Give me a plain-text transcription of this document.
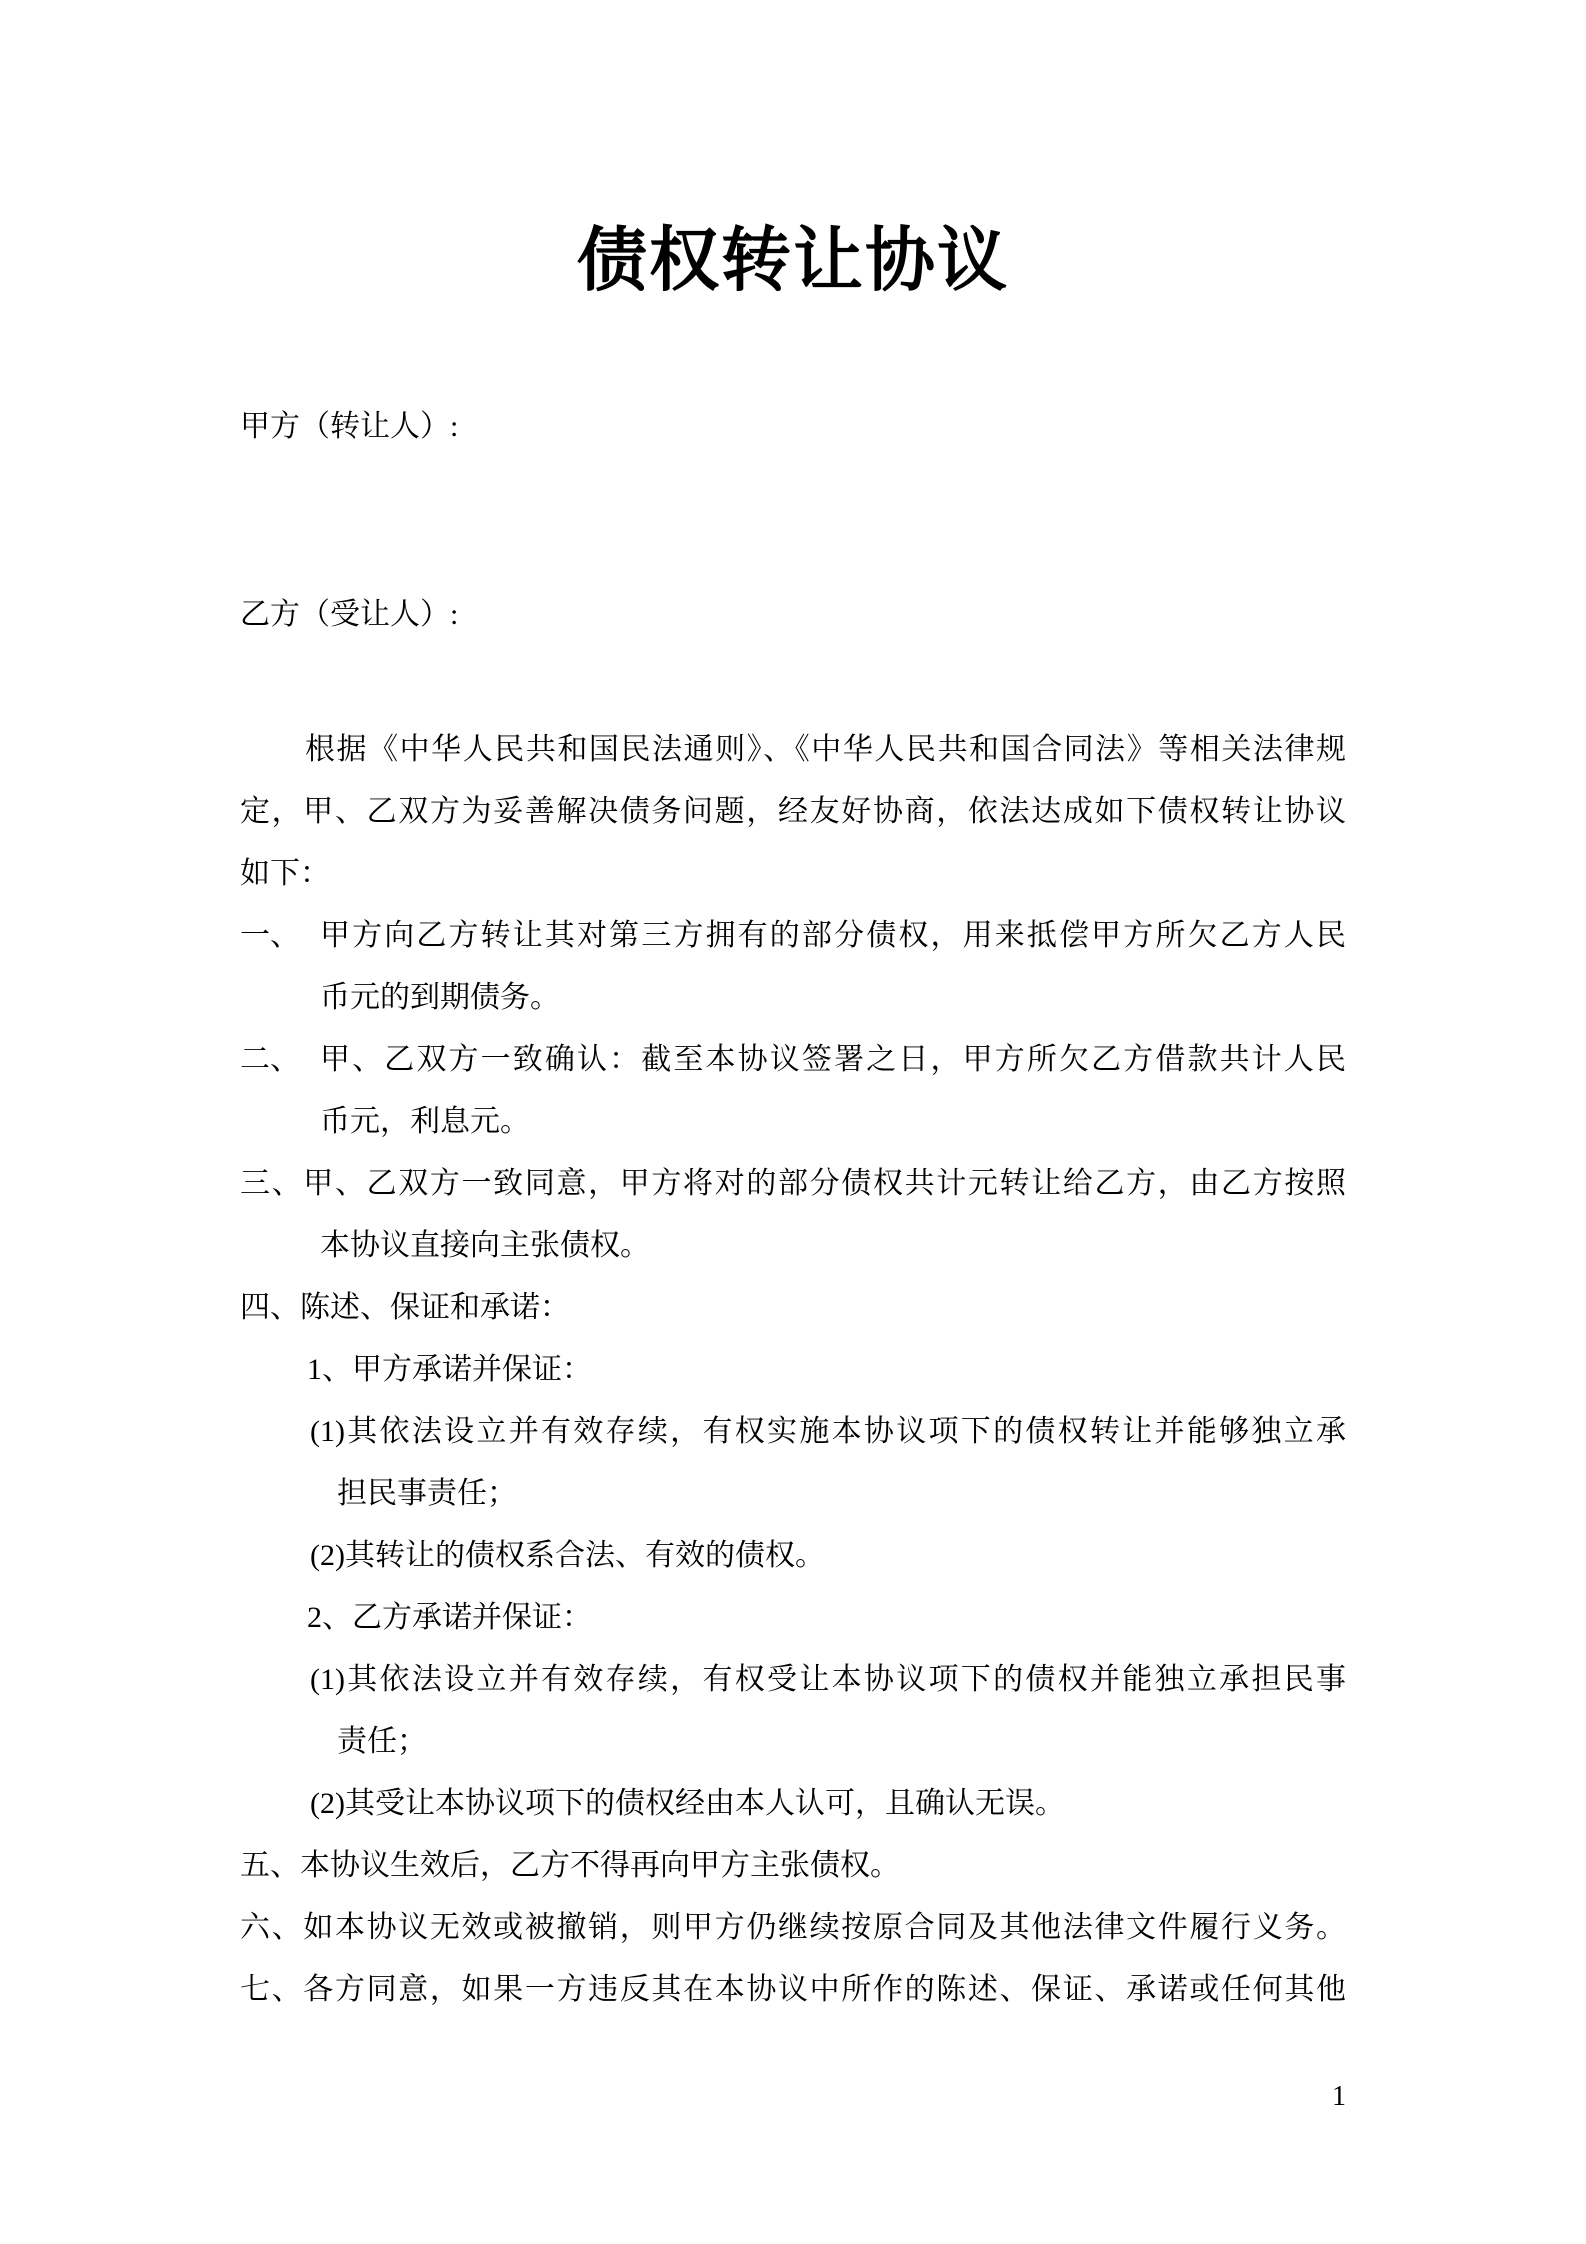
债权转让协议
甲方（转让人）:
乙方（受让人）:
根据《中华人民共和国民法通则》、《中华人民共和国合同法》等相关法律规
定，甲、乙双方为妥善解决债务问题，经友好协商，依法达成如下债权转让协议
如下：
一、 甲方向乙方转让其对第三方拥有的部分债权，用来抵偿甲方所欠乙方人民
币元的到期债务。
二、 甲、乙双方一致确认：截至本协议签署之日，甲方所欠乙方借款共计人民
币元，利息元。
三、甲、乙双方一致同意，甲方将对的部分债权共计元转让给乙方，由乙方按照
本协议直接向主张债权。
四、陈述、保证和承诺：
1、甲方承诺并保证：
(1)其依法设立并有效存续，有权实施本协议项下的债权转让并能够独立承
担民事责任；
(2)其转让的债权系合法、有效的债权。
2、乙方承诺并保证：
(1)其依法设立并有效存续，有权受让本协议项下的债权并能独立承担民事
责任；
(2)其受让本协议项下的债权经由本人认可，且确认无误。
五、本协议生效后，乙方不得再向甲方主张债权。
六、如本协议无效或被撤销，则甲方仍继续按原合同及其他法律文件履行义务。
七、各方同意，如果一方违反其在本协议中所作的陈述、保证、承诺或任何其他
1
